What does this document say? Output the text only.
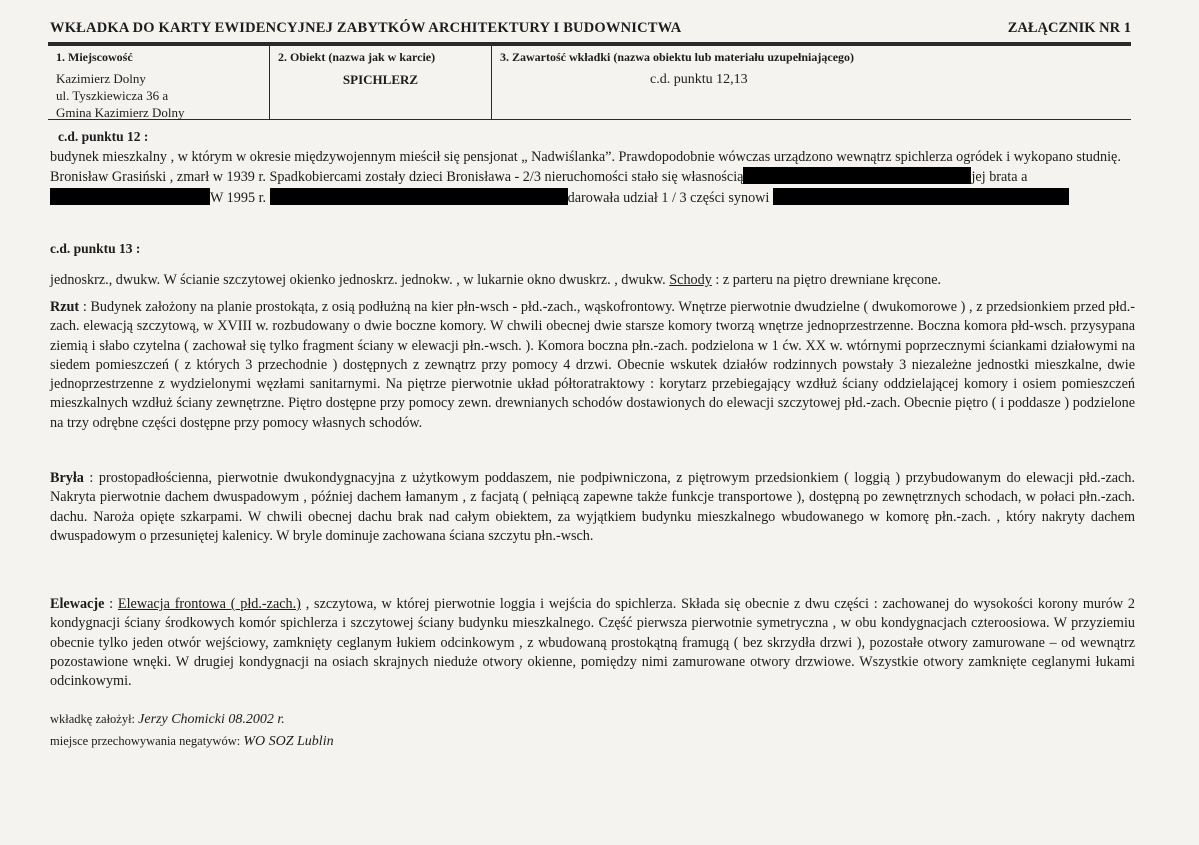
WKŁADKA DO KARTY EWIDENCYJNEJ ZABYTKÓW ARCHITEKTURY I BUDOWNICTWA	ZAŁĄCZNIK NR 1
1. Miejscowość
Kazimierz Dolny
ul. Tyszkiewicza 36 a
Gmina Kazimierz Dolny
2. Obiekt (nazwa jak w karcie)
SPICHLERZ
3. Zawartość wkładki (nazwa obiektu lub materiału uzupełniającego)
c.d. punktu 12,13
c.d. punktu 12 :
budynek mieszkalny , w którym w okresie międzywojennym mieścił się pensjonat „ Nadwiślanka”. Prawdopodobnie wówczas urządzono wewnątrz spichlerza ogródek i wykopano studnię. Bronisław Grasiński , zmarł w 1939 r. Spadkobiercami zostały dzieci Bronisława - 2/3 nieruchomości stało się własnością	jej brata aW 1995 r.	darowała udział 1 / 3 części synowi
c.d. punktu 13 :
jednoskrz., dwukw. W ścianie szczytowej okienko jednoskrz. jednokw. , w lukarnie okno dwuskrz. , dwukw. Schody : z parteru na piętro drewniane kręcone.
Rzut : Budynek założony na planie prostokąta, z osią podłużną na kier płn-wsch - płd.-zach., wąskofrontowy. Wnętrze pierwotnie dwudzielne ( dwukomorowe ) , z przedsionkiem przed płd.-zach. elewacją szczytową, w XVIII w. rozbudowany o dwie boczne komory. W chwili obecnej dwie starsze komory tworzą wnętrze jednoprzestrzenne. Boczna komora płd-wsch. przysypana ziemią i słabo czytelna ( zachował się tylko fragment ściany w elewacji płn.-wsch. ). Komora boczna płn.-zach. podzielona w 1 ćw. XX w. wtórnymi poprzecznymi ściankami działowymi na siedem pomieszczeń ( z których 3 przechodnie ) dostępnych z zewnątrz przy pomocy 4 drzwi. Obecnie wskutek działów rodzinnych powstały 3 niezależne jednostki mieszkalne, dwie jednoprzestrzenne z wydzielonymi węzłami sanitarnymi. Na piętrze pierwotnie układ półtoratraktowy : korytarz przebiegający wzdłuż ściany oddzielającej komory i osiem pomieszczeń mieszkalnych wzdłuż ściany zewnętrzne. Piętro dostępne przy pomocy zewn. drewnianych schodów dostawionych do elewacji szczytowej płd.-zach. Obecnie piętro ( i poddasze ) podzielone na trzy odrębne części dostępne przy pomocy własnych schodów.
Bryła : prostopadłościenna, pierwotnie dwukondygnacyjna z użytkowym poddaszem, nie podpiwniczona, z piętrowym przedsionkiem ( loggią ) przybudowanym do elewacji płd.-zach. Nakryta pierwotnie dachem dwuspadowym , później dachem łamanym , z facjatą ( pełniącą zapewne także funkcje transportowe ), dostępną po zewnętrznych schodach, w połaci płn.-zach. dachu. Naroża opięte szkarpami. W chwili obecnej dachu brak nad całym obiektem, za wyjątkiem budynku mieszkalnego wbudowanego w komorę płn.-zach. , który nakryty dachem dwuspadowym o przesuniętej kalenicy. W bryle dominuje zachowana ściana szczytu płn.-wsch.
Elewacje : Elewacja frontowa ( płd.-zach.) , szczytowa, w której pierwotnie loggia i wejścia do spichlerza. Składa się obecnie z dwu części : zachowanej do wysokości korony murów 2 kondygnacji ściany środkowych komór spichlerza i szczytowej ściany budynku mieszkalnego. Część pierwsza pierwotnie symetryczna , w obu kondygnacjach czteroosiowa. W przyziemiu obecnie tylko jeden otwór wejściowy, zamknięty ceglanym łukiem odcinkowym , z wbudowaną prostokątną framugą ( bez skrzydła drzwi ), pozostałe otwory zamurowane – od wewnątrz pozostawione wnęki. W drugiej kondygnacji na osiach skrajnych nieduże otwory okienne, pomiędzy nimi zamurowane otwory drzwiowe. Wszystkie otwory zamknięte ceglanymi łukami odcinkowymi.
wkładkę założył: Jerzy Chomicki 08.2002 r.
miejsce przechowywania negatywów: WO SOZ Lublin
